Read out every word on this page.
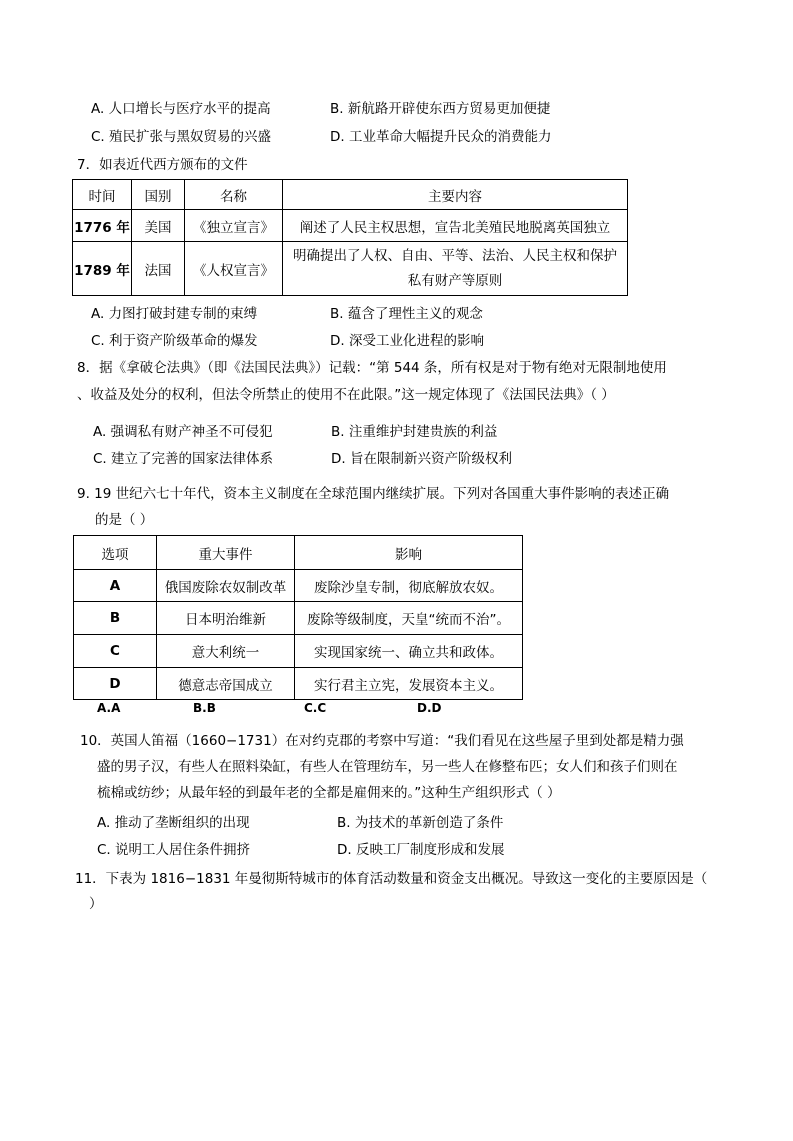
A. 人口增长与医疗水平的提高	B. 新航路开辟使东西方贸易更加便捷
C. 殖民扩张与黑奴贸易的兴盛	D. 工业革命大幅提升民众的消费能力
7．如表近代西方颁布的文件
时间	国别	名称	主要内容
1776 年	美国	《独立宣言》	阐述了人民主权思想，宣告北美殖民地脱离英国独立
1789 年	法国	《人权宣言》	明确提出了人权、自由、平等、法治、人民主权和保护
私有财产等原则
A. 力图打破封建专制的束缚	B. 蕴含了理性主义的观念
C. 利于资产阶级革命的爆发	D. 深受工业化进程的影响
8．据《拿破仑法典》（即《法国民法典》）记载：“第 544 条，所有权是对于物有绝对无限制地使用
、收益及处分的权利，但法令所禁止的使用不在此限。”这一规定体现了《法国民法典》（ ）
A. 强调私有财产神圣不可侵犯	B. 注重维护封建贵族的利益
C. 建立了完善的国家法律体系	D. 旨在限制新兴资产阶级权利
9. 19 世纪六七十年代，资本主义制度在全球范围内继续扩展。下列对各国重大事件影响的表述正确
的是（ ）
选项	重大事件	影响
A	俄国废除农奴制改革	废除沙皇专制，彻底解放农奴。
B	日本明治维新	废除等级制度，天皇“统而不治”。
C	意大利统一	实现国家统一、确立共和政体。
D	德意志帝国成立	实行君主立宪，发展资本主义。
A.A	B.B	C.C	D.D
10．英国人笛福（1660−1731）在对约克郡的考察中写道：“我们看见在这些屋子里到处都是精力强
盛的男子汉，有些人在照料染缸，有些人在管理纺车，另一些人在修整布匹；女人们和孩子们则在
梳棉或纺纱；从最年轻的到最年老的全都是雇佣来的。”这种生产组织形式（ ）
A. 推动了垄断组织的出现	B. 为技术的革新创造了条件
C. 说明工人居住条件拥挤	D. 反映工厂制度形成和发展
11．下表为 1816−1831 年曼彻斯特城市的体育活动数量和资金支出概况。导致这一变化的主要原因是（
）
